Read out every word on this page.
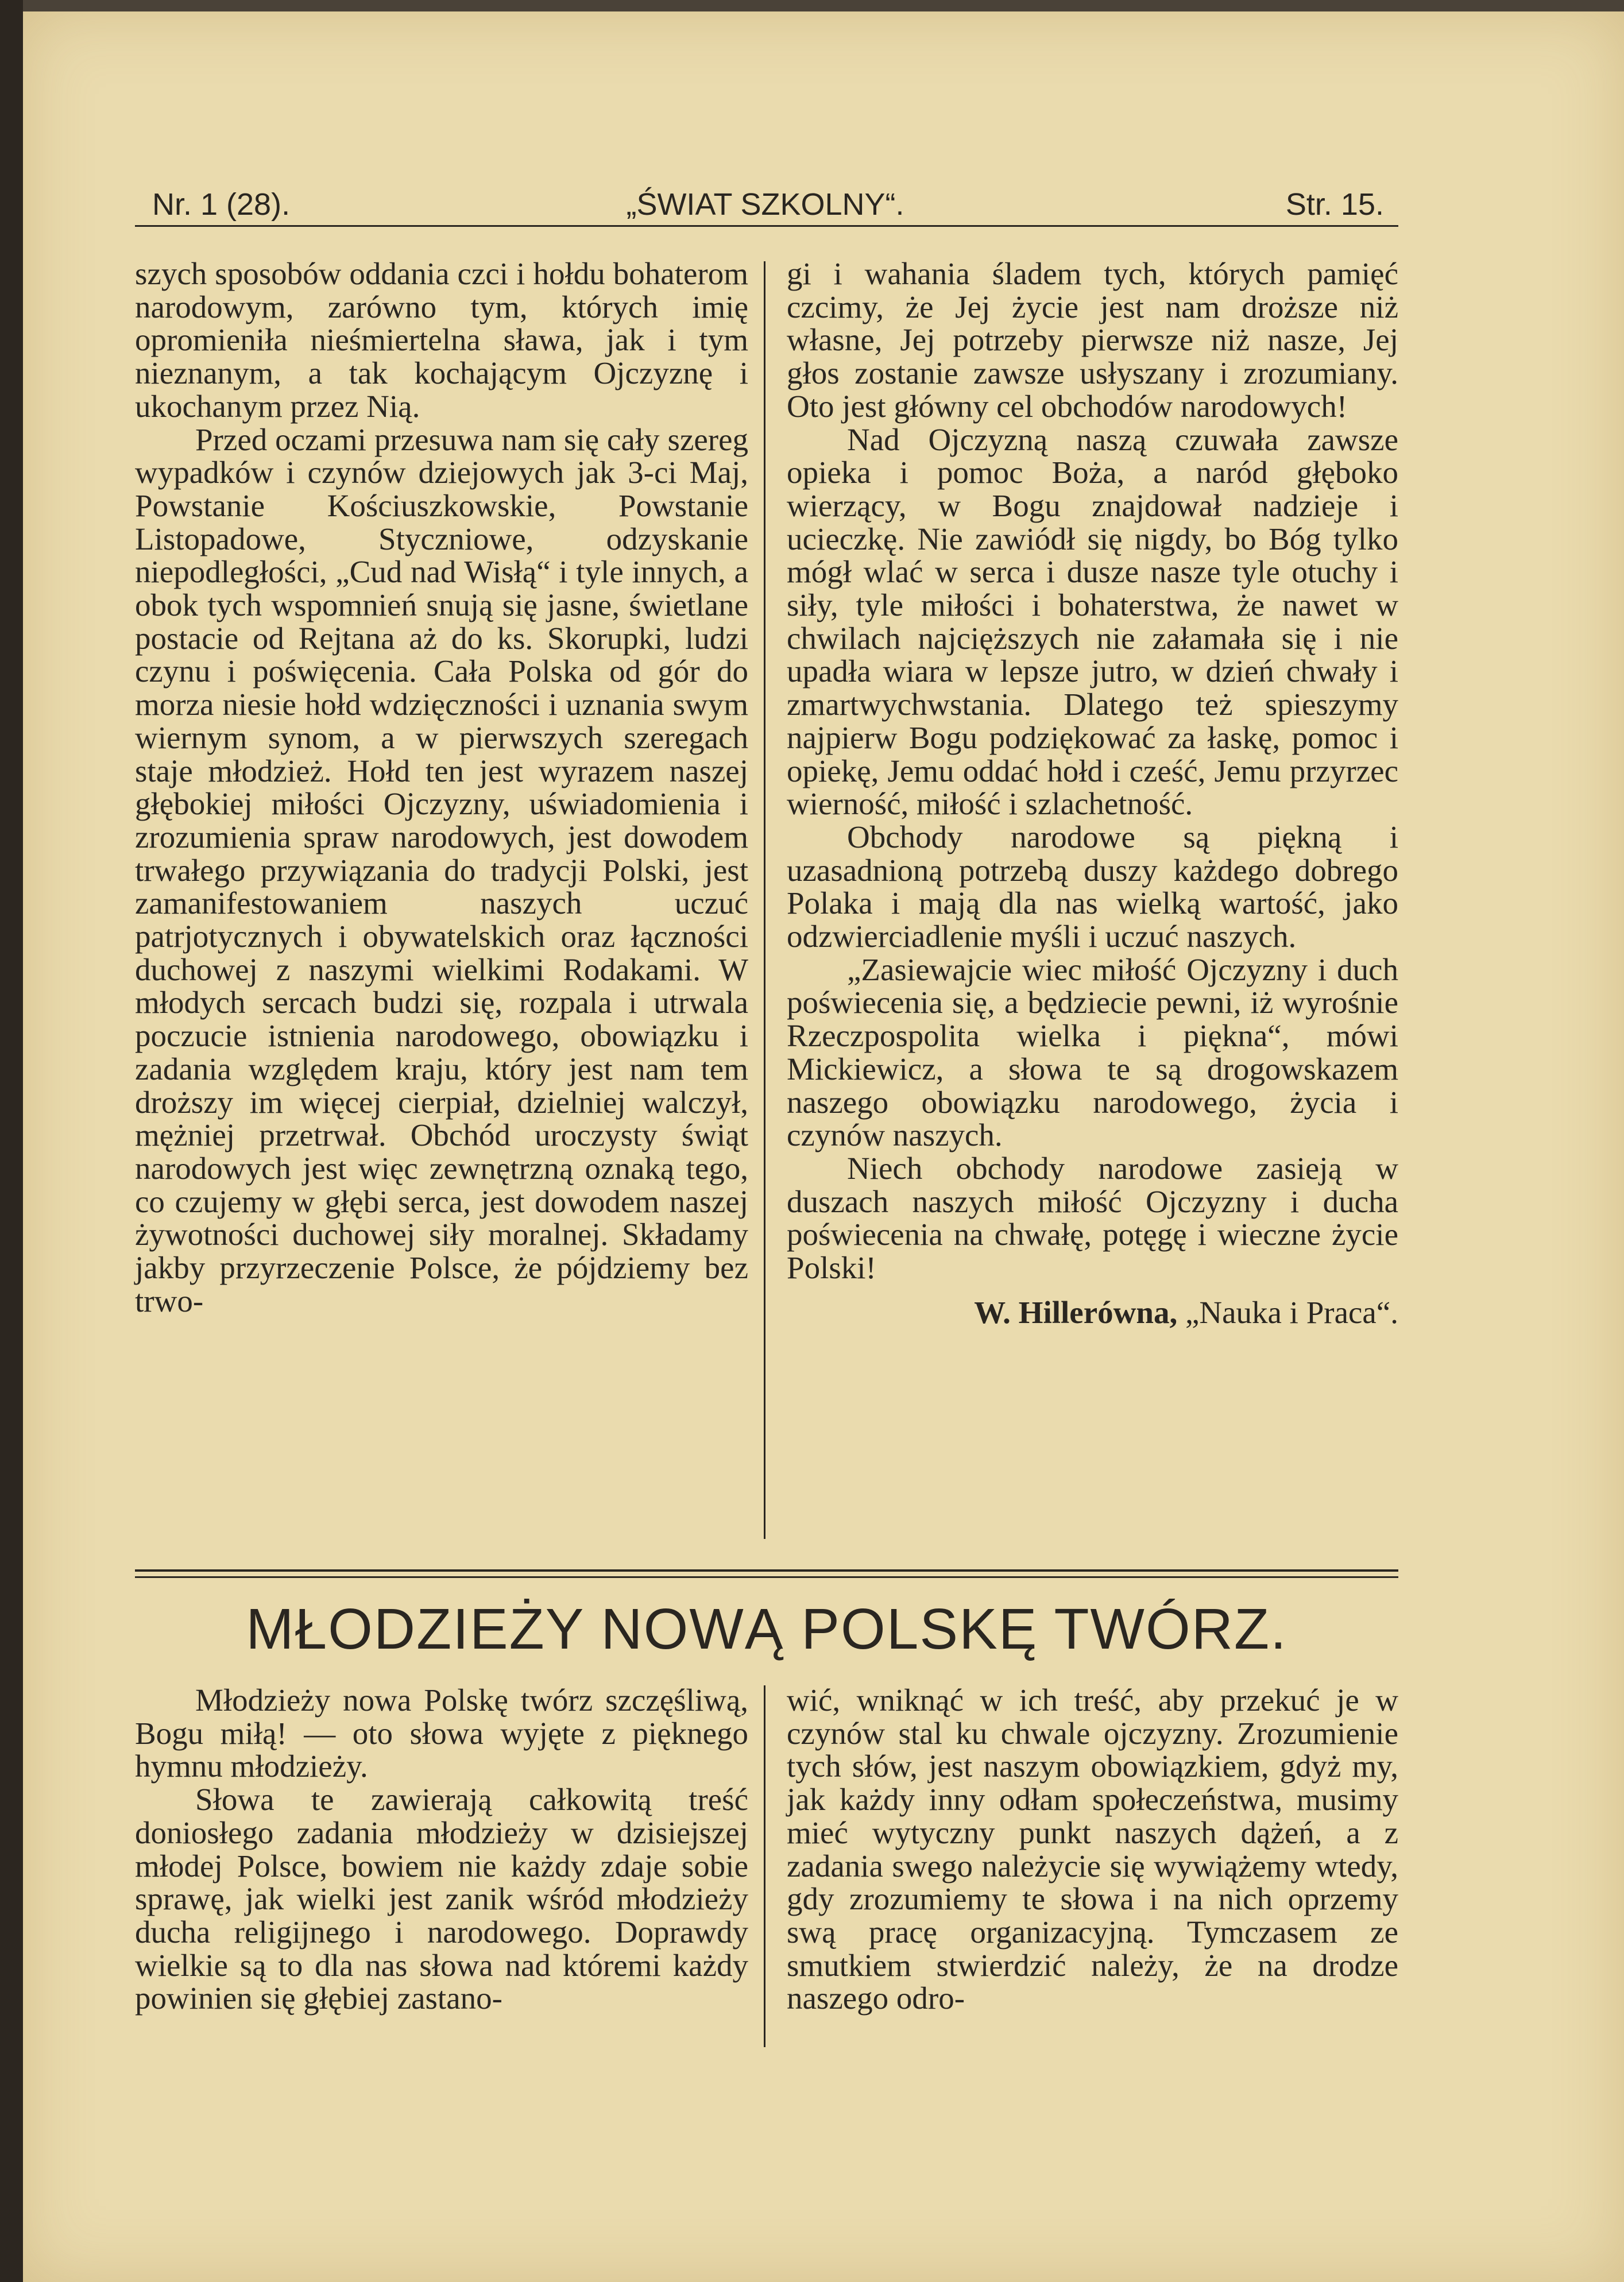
Nr. 1 (28).	„ŚWIAT SZKOLNY“.	Str. 15.

szych sposobów oddania czci i hołdu bohaterom narodowym, zarówno tym, których imię opromieniła nieśmiertelna sława, jak i tym nieznanym, a tak kochającym Ojczyznę i ukochanym przez Nią.

Przed oczami przesuwa nam się cały szereg wypadków i czynów dziejowych jak 3-ci Maj, Powstanie Kościuszkowskie, Powstanie Listopadowe, Styczniowe, odzyskanie niepodległości, „Cud nad Wisłą“ i tyle innych, a obok tych wspomnień snują się jasne, świetlane postacie od Rejtana aż do ks. Skorupki, ludzi czynu i poświęcenia. Cała Polska od gór do morza niesie hołd wdzięczności i uznania swym wiernym synom, a w pierwszych szeregach staje młodzież. Hołd ten jest wyrazem naszej głębokiej miłości Ojczyzny, uświadomienia i zrozumienia spraw narodowych, jest dowodem trwałego przywiązania do tradycji Polski, jest zamanifestowaniem naszych uczuć patrjotycznych i obywatelskich oraz łączności duchowej z naszymi wielkimi Rodakami. W młodych sercach budzi się, rozpala i utrwala poczucie istnienia narodowego, obowiązku i zadania względem kraju, który jest nam tem droższy im więcej cierpiał, dzielniej walczył, mężniej przetrwał. Obchód uroczysty świąt narodowych jest więc zewnętrzną oznaką tego, co czujemy w głębi serca, jest dowodem naszej żywotności duchowej siły moralnej. Składamy jakby przyrzeczenie Polsce, że pójdziemy bez trwo-

gi i wahania śladem tych, których pamięć czcimy, że Jej życie jest nam droższe niż własne, Jej potrzeby pierwsze niż nasze, Jej głos zostanie zawsze usłyszany i zrozumiany. Oto jest główny cel obchodów narodowych!

Nad Ojczyzną naszą czuwała zawsze opieka i pomoc Boża, a naród głęboko wierzący, w Bogu znajdował nadzieje i ucieczkę. Nie zawiódł się nigdy, bo Bóg tylko mógł wlać w serca i dusze nasze tyle otuchy i siły, tyle miłości i bohaterstwa, że nawet w chwilach najcięższych nie załamała się i nie upadła wiara w lepsze jutro, w dzień chwały i zmartwychwstania. Dlatego też spieszymy najpierw Bogu podziękować za łaskę, pomoc i opiekę, Jemu oddać hołd i cześć, Jemu przyrzec wierność, miłość i szlachetność.

Obchody narodowe są piękną i uzasadnioną potrzebą duszy każdego dobrego Polaka i mają dla nas wielką wartość, jako odzwierciadlenie myśli i uczuć naszych.

„Zasiewajcie wiec miłość Ojczyzny i duch poświecenia się, a będziecie pewni, iż wyrośnie Rzeczpospolita wielka i piękna“, mówi Mickiewicz, a słowa te są drogowskazem naszego obowiązku narodowego, życia i czynów naszych.

Niech obchody narodowe zasieją w duszach naszych miłość Ojczyzny i ducha poświecenia na chwałę, potęgę i wieczne życie Polski!

W. Hillerówna, „Nauka i Praca“.
MŁODZIEŻY NOWĄ POLSKĘ TWÓRZ.

Młodzieży nowa Polskę twórz szczęśliwą, Bogu miłą! — oto słowa wyjęte z pięknego hymnu młodzieży.

Słowa te zawierają całkowitą treść doniosłego zadania młodzieży w dzisiejszej młodej Polsce, bowiem nie każdy zdaje sobie sprawę, jak wielki jest zanik wśród młodzieży ducha religijnego i narodowego. Doprawdy wielkie są to dla nas słowa nad któremi każdy powinien się głębiej zastano-

wić, wniknąć w ich treść, aby przekuć je w czynów stal ku chwale ojczyzny. Zrozumienie tych słów, jest naszym obowiązkiem, gdyż my, jak każdy inny odłam społeczeństwa, musimy mieć wytyczny punkt naszych dążeń, a z zadania swego należycie się wywiążemy wtedy, gdy zrozumiemy te słowa i na nich oprzemy swą pracę organizacyjną. Tymczasem ze smutkiem stwierdzić należy, że na drodze naszego odro-
